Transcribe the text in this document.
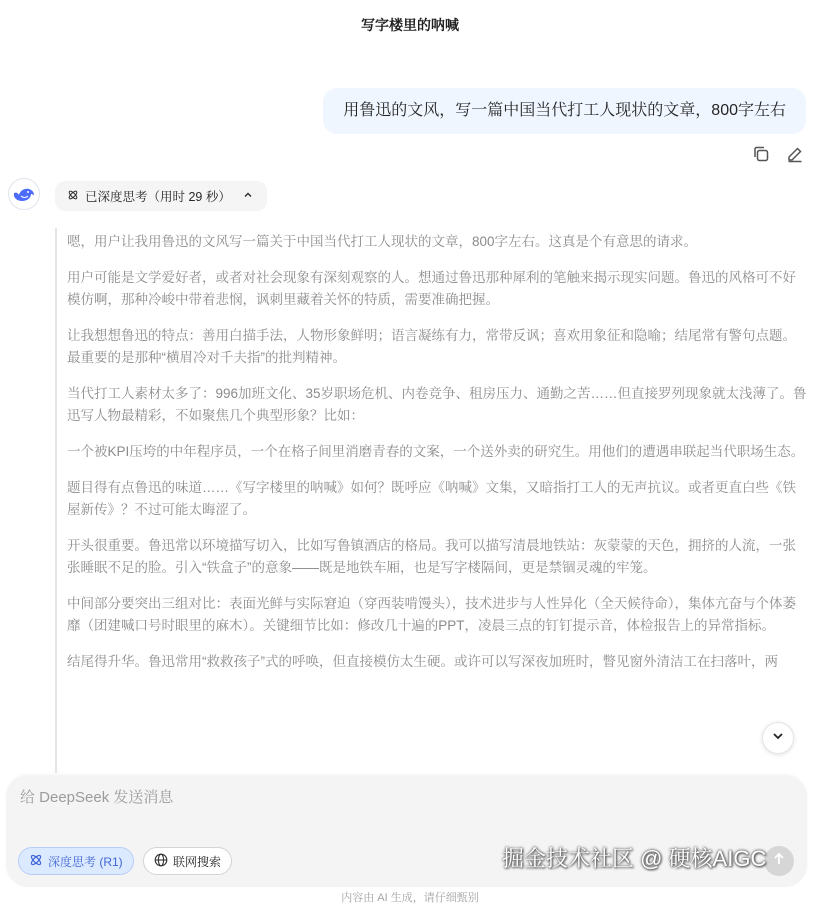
写字楼里的呐喊
用鲁迅的文风，写一篇中国当代打工人现状的文章，800字左右
已深度思考（用时 29 秒）

嗯，用户让我用鲁迅的文风写一篇关于中国当代打工人现状的文章，800字左右。这真是个有意思的请求。

用户可能是文学爱好者，或者对社会现象有深刻观察的人。想通过鲁迅那种犀利的笔触来揭示现实问题。鲁迅的风格可不好模仿啊，那种冷峻中带着悲悯，讽刺里藏着关怀的特质，需要准确把握。

让我想想鲁迅的特点：善用白描手法，人物形象鲜明；语言凝练有力，常带反讽；喜欢用象征和隐喻；结尾常有警句点题。最重要的是那种“横眉冷对千夫指”的批判精神。

当代打工人素材太多了：996加班文化、35岁职场危机、内卷竞争、租房压力、通勤之苦……但直接罗列现象就太浅薄了。鲁迅写人物最精彩，不如聚焦几个典型形象？比如：

一个被KPI压垮的中年程序员，一个在格子间里消磨青春的文案，一个送外卖的研究生。用他们的遭遇串联起当代职场生态。

题目得有点鲁迅的味道……《写字楼里的呐喊》如何？既呼应《呐喊》文集，又暗指打工人的无声抗议。或者更直白些《铁屋新传》？不过可能太晦涩了。

开头很重要。鲁迅常以环境描写切入，比如写鲁镇酒店的格局。我可以描写清晨地铁站：灰蒙蒙的天色，拥挤的人流，一张张睡眠不足的脸。引入“铁盒子”的意象——既是地铁车厢，也是写字楼隔间，更是禁锢灵魂的牢笼。

中间部分要突出三组对比：表面光鲜与实际窘迫（穿西装啃馒头），技术进步与人性异化（全天候待命），集体亢奋与个体萎靡（团建喊口号时眼里的麻木）。关键细节比如：修改几十遍的PPT，凌晨三点的钉钉提示音，体检报告上的异常指标。

结尾得升华。鲁迅常用“救救孩子”式的呼唤，但直接模仿太生硬。或许可以写深夜加班时，瞥见窗外清洁工在扫落叶，两

给 DeepSeek 发送消息
深度思考 (R1)	联网搜索	掘金技术社区 @ 硬核AIGC
内容由 AI 生成，请仔细甄别
